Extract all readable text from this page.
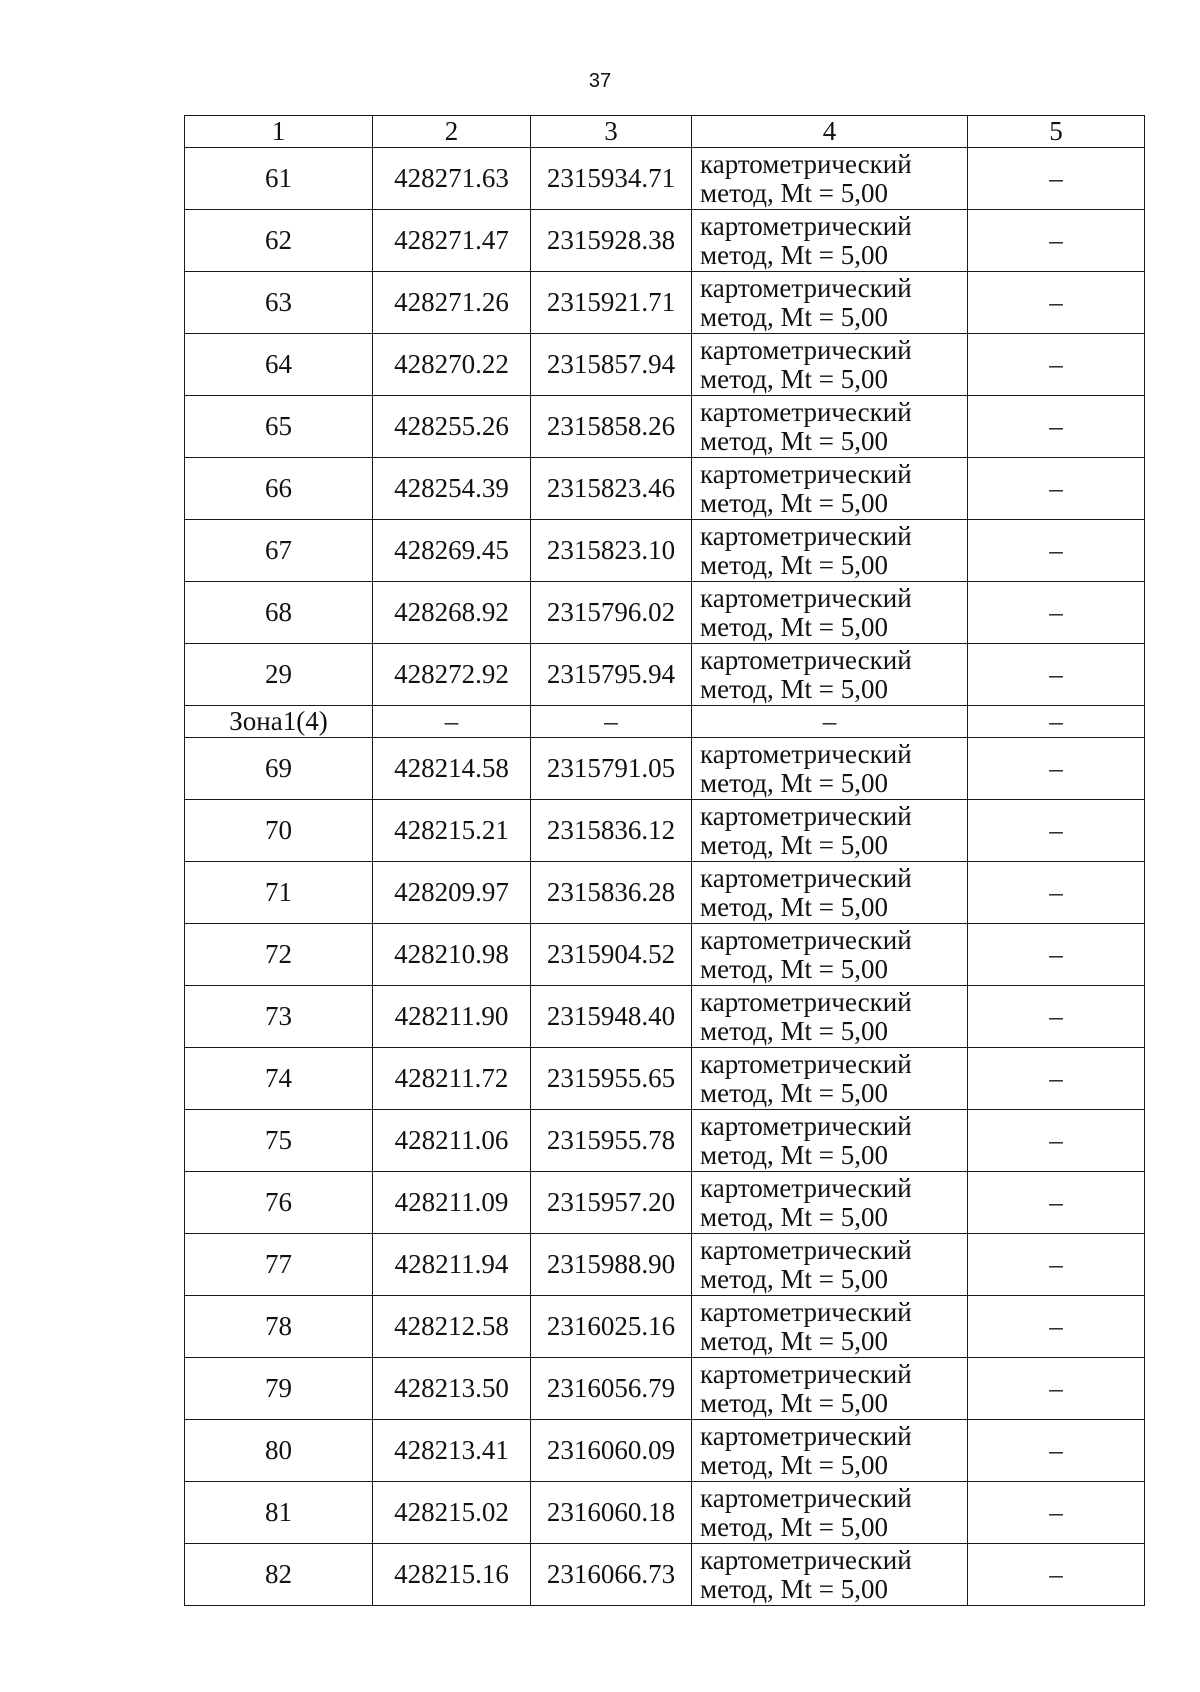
37
1	2	3	4	5
61	428271.63	2315934.71	картометрический
метод, Mt = 5,00	–
62	428271.47	2315928.38	картометрический
метод, Mt = 5,00	–
63	428271.26	2315921.71	картометрический
метод, Mt = 5,00	–
64	428270.22	2315857.94	картометрический
метод, Mt = 5,00	–
65	428255.26	2315858.26	картометрический
метод, Mt = 5,00	–
66	428254.39	2315823.46	картометрический
метод, Mt = 5,00	–
67	428269.45	2315823.10	картометрический
метод, Mt = 5,00	–
68	428268.92	2315796.02	картометрический
метод, Mt = 5,00	–
29	428272.92	2315795.94	картометрический
метод, Mt = 5,00	–
Зона1(4)	–	–	–	–
69	428214.58	2315791.05	картометрический
метод, Mt = 5,00	–
70	428215.21	2315836.12	картометрический
метод, Mt = 5,00	–
71	428209.97	2315836.28	картометрический
метод, Mt = 5,00	–
72	428210.98	2315904.52	картометрический
метод, Mt = 5,00	–
73	428211.90	2315948.40	картометрический
метод, Mt = 5,00	–
74	428211.72	2315955.65	картометрический
метод, Mt = 5,00	–
75	428211.06	2315955.78	картометрический
метод, Mt = 5,00	–
76	428211.09	2315957.20	картометрический
метод, Mt = 5,00	–
77	428211.94	2315988.90	картометрический
метод, Mt = 5,00	–
78	428212.58	2316025.16	картометрический
метод, Mt = 5,00	–
79	428213.50	2316056.79	картометрический
метод, Mt = 5,00	–
80	428213.41	2316060.09	картометрический
метод, Mt = 5,00	–
81	428215.02	2316060.18	картометрический
метод, Mt = 5,00	–
82	428215.16	2316066.73	картометрический
метод, Mt = 5,00	–
